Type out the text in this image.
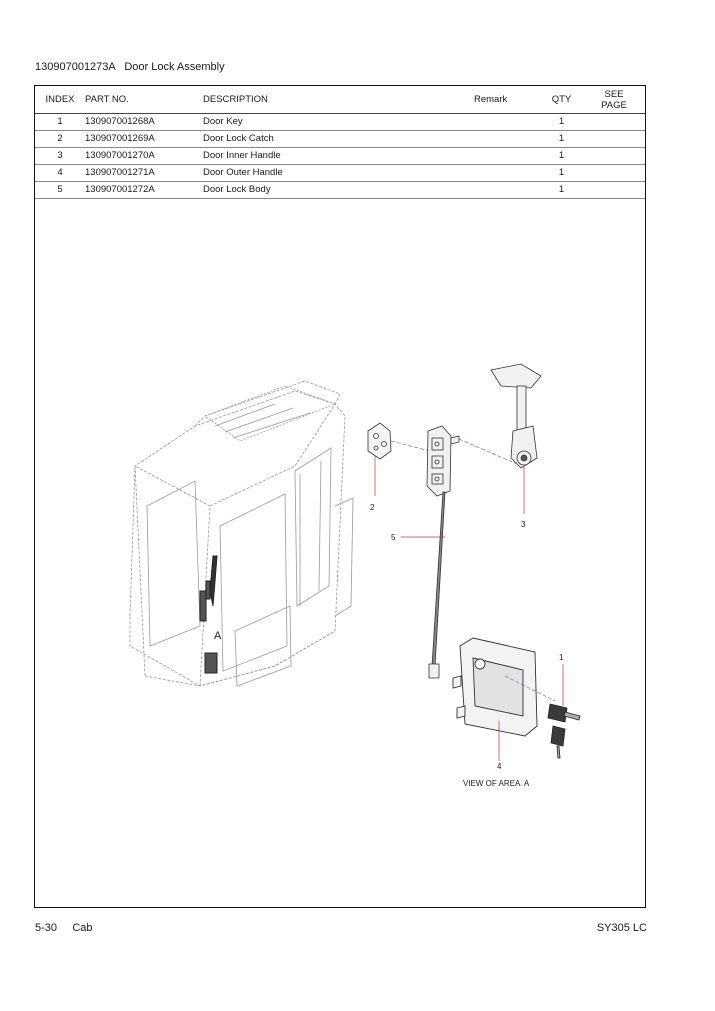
130907001273A Door Lock Assembly
INDEX	PART NO.	DESCRIPTION	Remark	QTY	SEE
PAGE
1	130907001268A	Door Key		1	
2	130907001269A	Door Lock Catch		1	
3	130907001270A	Door Inner Handle		1	
4	130907001271A	Door Outer Handle		1	
5	130907001272A	Door Lock Body		1	
A
2
5
3
1
4
VIEW OF AREA  A
5-30 Cab	SY305 LC
